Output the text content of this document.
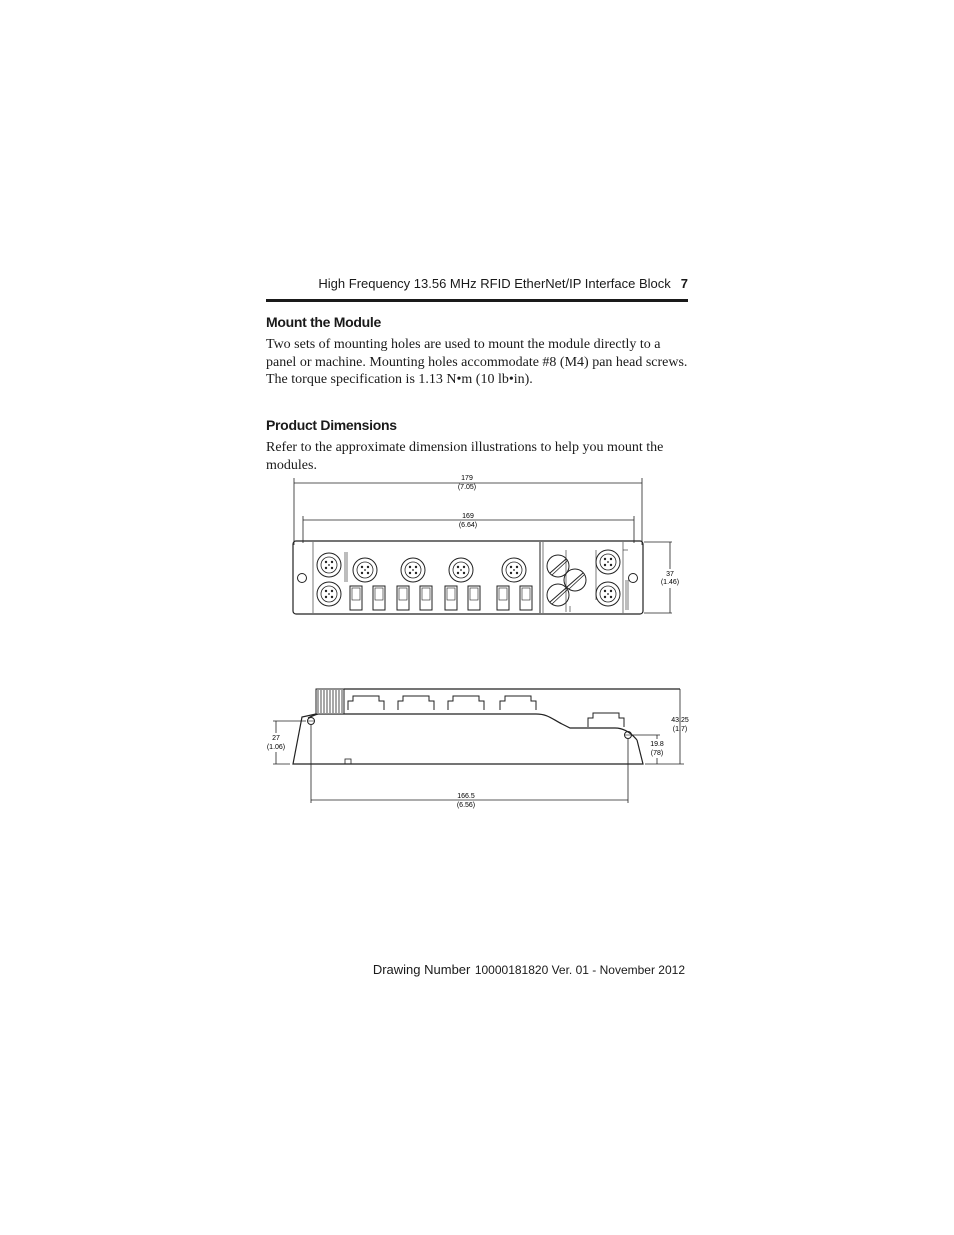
High Frequency 13.56 MHz RFID EtherNet/IP Interface Block 7
Mount the Module
Two sets of mounting holes are used to mount the module directly to a panel or machine. Mounting holes accommodate #8 (M4) pan head screws. The torque specification is 1.13 N•m (10 lb•in).
Product Dimensions
Refer to the approximate dimension illustrations to help you mount the modules.
179
(7.05)
169
(6.64)
37
(1.46)
27
(1.06)
43.25
(1.7)
19.8
(78)
166.5
(6.56)
Drawing Number 10000181820 Ver. 01 - November 2012
